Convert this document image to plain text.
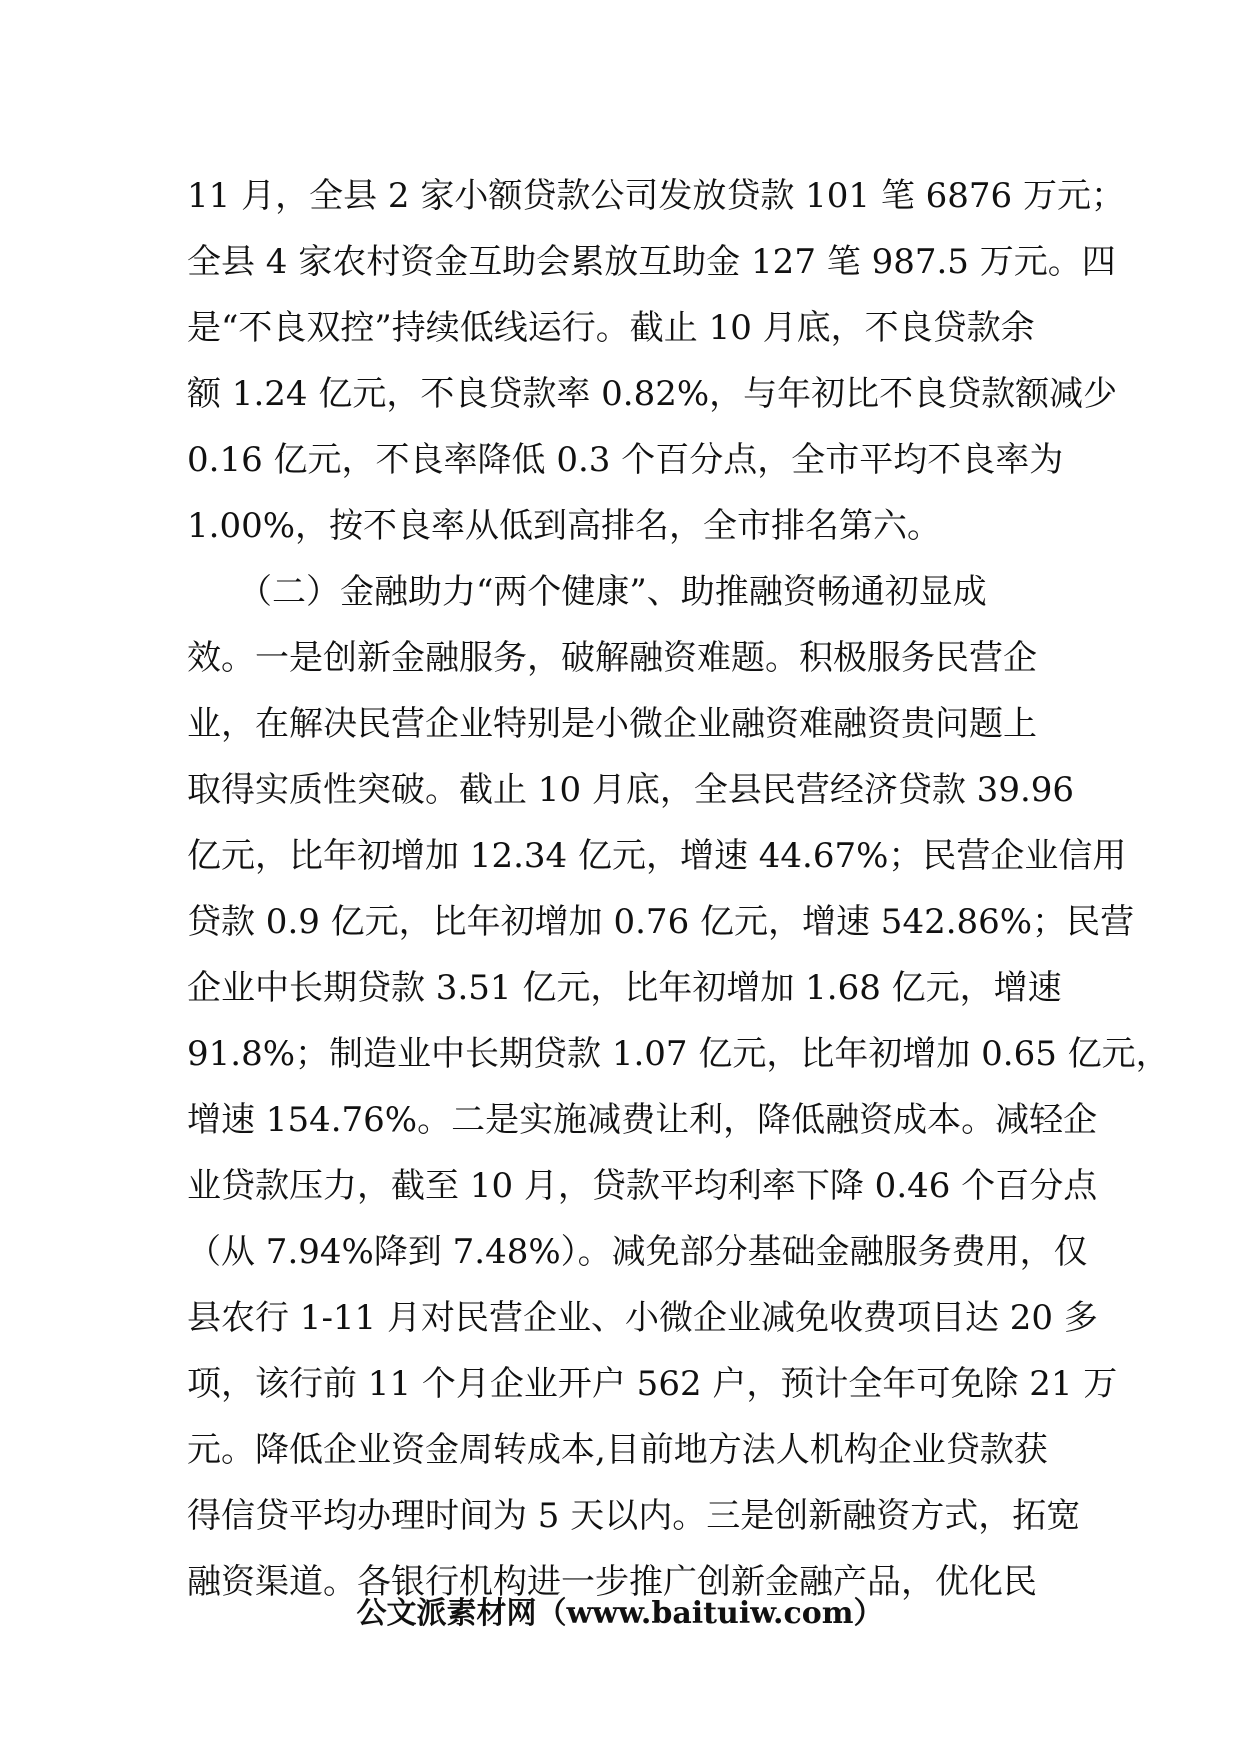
11 月，全县 2 家小额贷款公司发放贷款 101 笔 6876 万元；
全县 4 家农村资金互助会累放互助金 127 笔 987.5 万元。四
是“不良双控”持续低线运行。截止 10 月底，不良贷款余
额 1.24 亿元，不良贷款率 0.82%，与年初比不良贷款额减少
0.16 亿元，不良率降低 0.3 个百分点，全市平均不良率为
1.00%，按不良率从低到高排名，全市排名第六。
　　（二）金融助力“两个健康”、助推融资畅通初显成
效。一是创新金融服务，破解融资难题。积极服务民营企
业，在解决民营企业特别是小微企业融资难融资贵问题上
取得实质性突破。截止 10 月底，全县民营经济贷款 39.96
亿元，比年初增加 12.34 亿元，增速 44.67%；民营企业信用
贷款 0.9 亿元，比年初增加 0.76 亿元，增速 542.86%；民营
企业中长期贷款 3.51 亿元，比年初增加 1.68 亿元，增速
91.8%；制造业中长期贷款 1.07 亿元，比年初增加 0.65 亿元，
增速 154.76%。二是实施减费让利，降低融资成本。减轻企
业贷款压力，截至 10 月，贷款平均利率下降 0.46 个百分点
（从 7.94%降到 7.48%）。减免部分基础金融服务费用，仅
县农行 1-11 月对民营企业、小微企业减免收费项目达 20 多
项，该行前 11 个月企业开户 562 户，预计全年可免除 21 万
元。降低企业资金周转成本,目前地方法人机构企业贷款获
得信贷平均办理时间为 5 天以内。三是创新融资方式，拓宽
融资渠道。各银行机构进一步推广创新金融产品，优化民
公文派素材网（www.baituiw.com）
